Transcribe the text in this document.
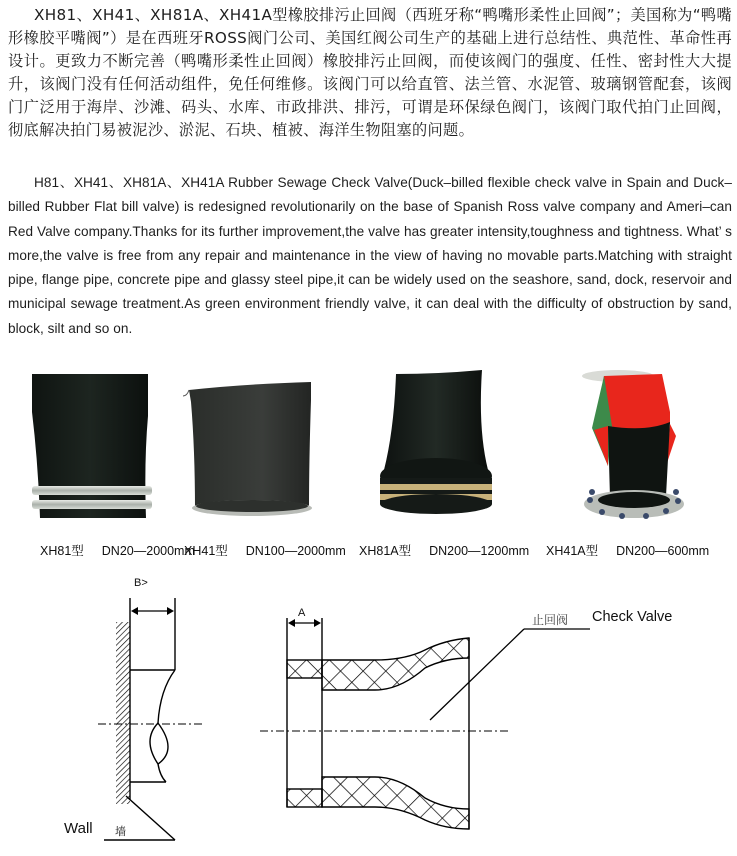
XH81、XH41、XH81A、XH41A型橡胶排污止回阀（西班牙称“鸭嘴形柔性止回阀”；美国称为“鸭嘴形橡胶平嘴阀”）是在西班牙ROSS阀门公司、美国红阀公司生产的基础上进行总结性、典范性、革命性再设计。更致力不断完善（鸭嘴形柔性止回阀）橡胶排污止回阀，而使该阀门的强度、任性、密封性大大提升，该阀门没有任何活动组件，免任何维修。该阀门可以给直管、法兰管、水泥管、玻璃钢管配套，该阀门广泛用于海岸、沙滩、码头、水库、市政排洪、排污，可谓是环保绿色阀门，该阀门取代拍门止回阀，彻底解决拍门易被泥沙、淤泥、石块、植被、海洋生物阻塞的问题。

H81、XH41、XH81A、XH41A Rubber Sewage Check Valve(Duck–billed flexible check valve in Spain and Duck–billed Rubber Flat bill valve) is redesigned revolutionarily on the base of Spanish Ross valve company and Ameri–can Red Valve company.Thanks for its further improvement,the valve has greater intensity,toughness and tightness. What’ s more,the valve is free from any repair and maintenance in the view of having no movable parts.Matching with straight pipe, flange pipe, concrete pipe and glassy steel pipe,it can be widely used on the seashore, sand, dock, reservoir and municipal sewage treatment.As green environment friendly valve, it can deal with the difficulty of obstruction by sand, block, silt and so on.

XH81型 DN20—2000mm
XH41型 DN100—2000mm XH81A型 DN200—1200mm XH41A型 DN200—600mm
B>
Wall 墙
A	止回阀 Check Valve
